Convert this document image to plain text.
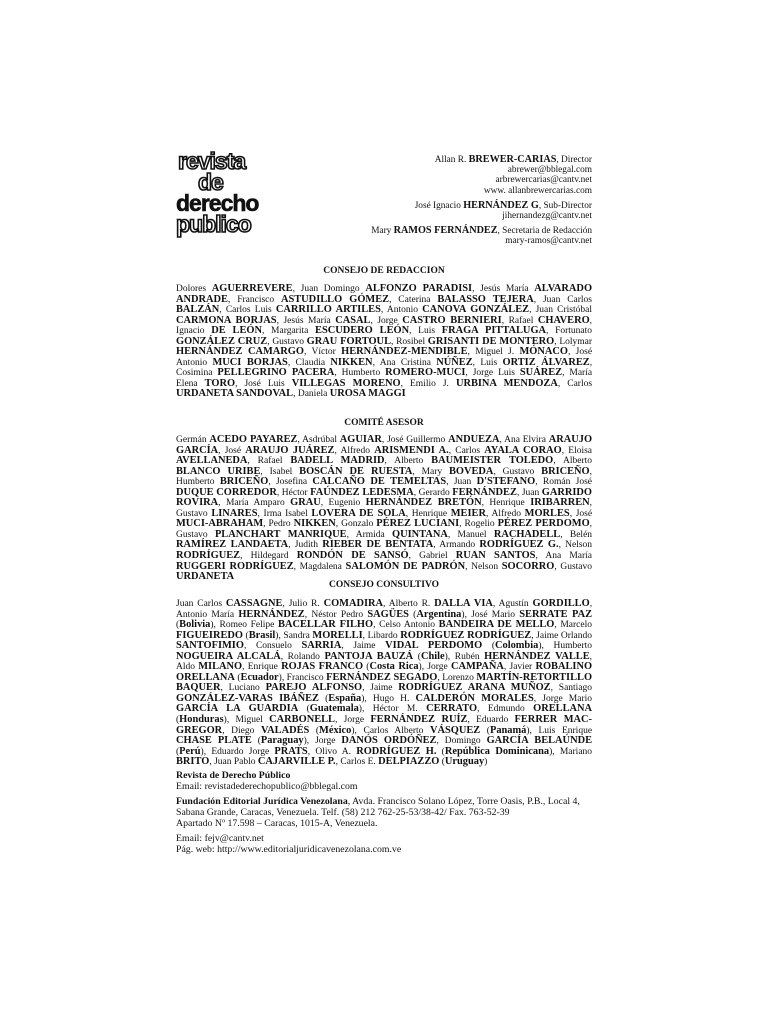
revista
de
derecho
publico
Allan R. BREWER-CARIAS, Director
abrewer@bblegal.com
arbrewercarias@cantv.net
www. allanbrewercarias.com
José Ignacio HERNÁNDEZ G, Sub-Director
jihernandezg@cantv.net
Mary RAMOS FERNÁNDEZ, Secretaria de Redacción
mary-ramos@cantv.net
CONSEJO DE REDACCION
Dolores AGUERREVERE, Juan Domingo ALFONZO PARADISI, Jesús María ALVARADO ANDRADE, Francisco ASTUDILLO GÓMEZ, Caterina BALASSO TEJERA, Juan Carlos BALZÁN, Carlos Luis CARRILLO ARTILES, Antonio CANOVA GONZÁLEZ, Juan Cristóbal CARMONA BORJAS, Jesús María CASAL, Jorge CASTRO BERNIERI, Rafael CHAVERO, Ignacio DE LEÓN, Margarita ESCUDERO LEÓN, Luis FRAGA PITTALUGA, Fortunato GONZÁLEZ CRUZ, Gustavo GRAU FORTOUL, Rosibel GRISANTI DE MONTERO, Lolymar HERNÁNDEZ CAMARGO, Víctor HERNÁNDEZ-MENDIBLE, Miguel J. MÓNACO, José Antonio MUCI BORJAS, Claudia NIKKEN, Ana Cristina NÚÑEZ, Luis ORTIZ ÁLVAREZ, Cosimina PELLEGRINO PACERA, Humberto ROMERO-MUCI, Jorge Luis SUÁREZ, María Elena TORO, José Luis VILLEGAS MORENO, Emilio J. URBINA MENDOZA, Carlos URDANETA SANDOVAL, Daniela UROSA MAGGI
COMITÉ ASESOR
Germán ACEDO PAYAREZ, Asdrúbal AGUIAR, José Guillermo ANDUEZA, Ana Elvira ARAUJO GARCÍA, José ARAUJO JUÁREZ, Alfredo ARISMENDI A., Carlos AYALA CORAO, Eloisa AVELLANEDA, Rafael BADELL MADRID, Alberto BAUMEISTER TOLEDO, Alberto BLANCO URIBE, Isabel BOSCÁN DE RUESTA, Mary BOVEDA, Gustavo BRICEÑO, Humberto BRICEÑO, Josefina CALCAÑO DE TEMELTAS, Juan D'STEFANO, Román José DUQUE CORREDOR, Héctor FAÚNDEZ LEDESMA, Gerardo FERNÁNDEZ, Juan GARRIDO ROVIRA, María Amparo GRAU, Eugenio HERNÁNDEZ BRETÓN, Henrique IRIBARREN, Gustavo LINARES, Irma Isabel LOVERA DE SOLA, Henrique MEIER, Alfredo MORLES, José MUCI-ABRAHAM, Pedro NIKKEN, Gonzalo PÉREZ LUCIANI, Rogelio PÉREZ PERDOMO, Gustavo PLANCHART MANRIQUE, Armida QUINTANA, Manuel RACHADELL, Belén RAMÍREZ LANDAETA, Judith RIEBER DE BENTATA, Armando RODRÍGUEZ G., Nelson RODRÍGUEZ, Hildegard RONDÓN DE SANSÓ, Gabriel RUAN SANTOS, Ana María RUGGERI RODRÍGUEZ, Magdalena SALOMÓN DE PADRÓN, Nelson SOCORRO, Gustavo URDANETA
CONSEJO CONSULTIVO
Juan Carlos CASSAGNE, Julio R. COMADIRA, Alberto R. DALLA VIA, Agustín GORDILLO, Antonio María HERNÁNDEZ, Néstor Pedro SAGÜES (Argentina), José Mario SERRATE PAZ (Bolivia), Romeo Felipe BACELLAR FILHO, Celso Antonio BANDEIRA DE MELLO, Marcelo FIGUEIREDO (Brasil), Sandra MORELLI, Libardo RODRÍGUEZ RODRÍGUEZ, Jaime Orlando SANTOFIMIO, Consuelo SARRIA, Jaime VIDAL PERDOMO (Colombia), Humberto NOGUEIRA ALCALÁ, Rolando PANTOJA BAUZÁ (Chile), Rubén HERNÁNDEZ VALLE, Aldo MILANO, Enrique ROJAS FRANCO (Costa Rica), Jorge CAMPAÑA, Javier ROBALINO ORELLANA (Ecuador), Francisco FERNÁNDEZ SEGADO, Lorenzo MARTÍN-RETORTILLO BAQUER, Luciano PAREJO ALFONSO, Jaime RODRÍGUEZ ARANA MUÑOZ, Santiago GONZÁLEZ-VARAS IBÁÑEZ (España), Hugo H. CALDERÓN MORALES, Jorge Mario GARCÍA LA GUARDIA (Guatemala), Héctor M. CERRATO, Edmundo ORELLANA (Honduras), Miguel CARBONELL, Jorge FERNÁNDEZ RUÍZ, Eduardo FERRER MAC-GREGOR, Diego VALADÉS (México), Carlos Alberto VÁSQUEZ (Panamá), Luis Enrique CHASE PLATE (Paraguay), Jorge DANÓS ORDÓÑEZ, Domingo GARCÍA BELAÚNDE (Perú), Eduardo Jorge PRATS, Olivo A. RODRÍGUEZ H. (República Dominicana), Mariano BRITO, Juan Pablo CAJARVILLE P., Carlos E. DELPIAZZO (Uruguay)
Revista de Derecho Público
Email: revistadederechopublico@bblegal.com
Fundación Editorial Jurídica Venezolana, Avda. Francisco Solano López, Torre Oasis, P.B., Local 4,
Sabana Grande, Caracas, Venezuela. Telf. (58) 212 762-25-53/38-42/ Fax. 763-52-39
Apartado Nº 17.598 – Caracas, 1015-A, Venezuela.
Email: fejv@cantv.net
Pág. web: http://www.editorialjuridicavenezolana.com.ve
